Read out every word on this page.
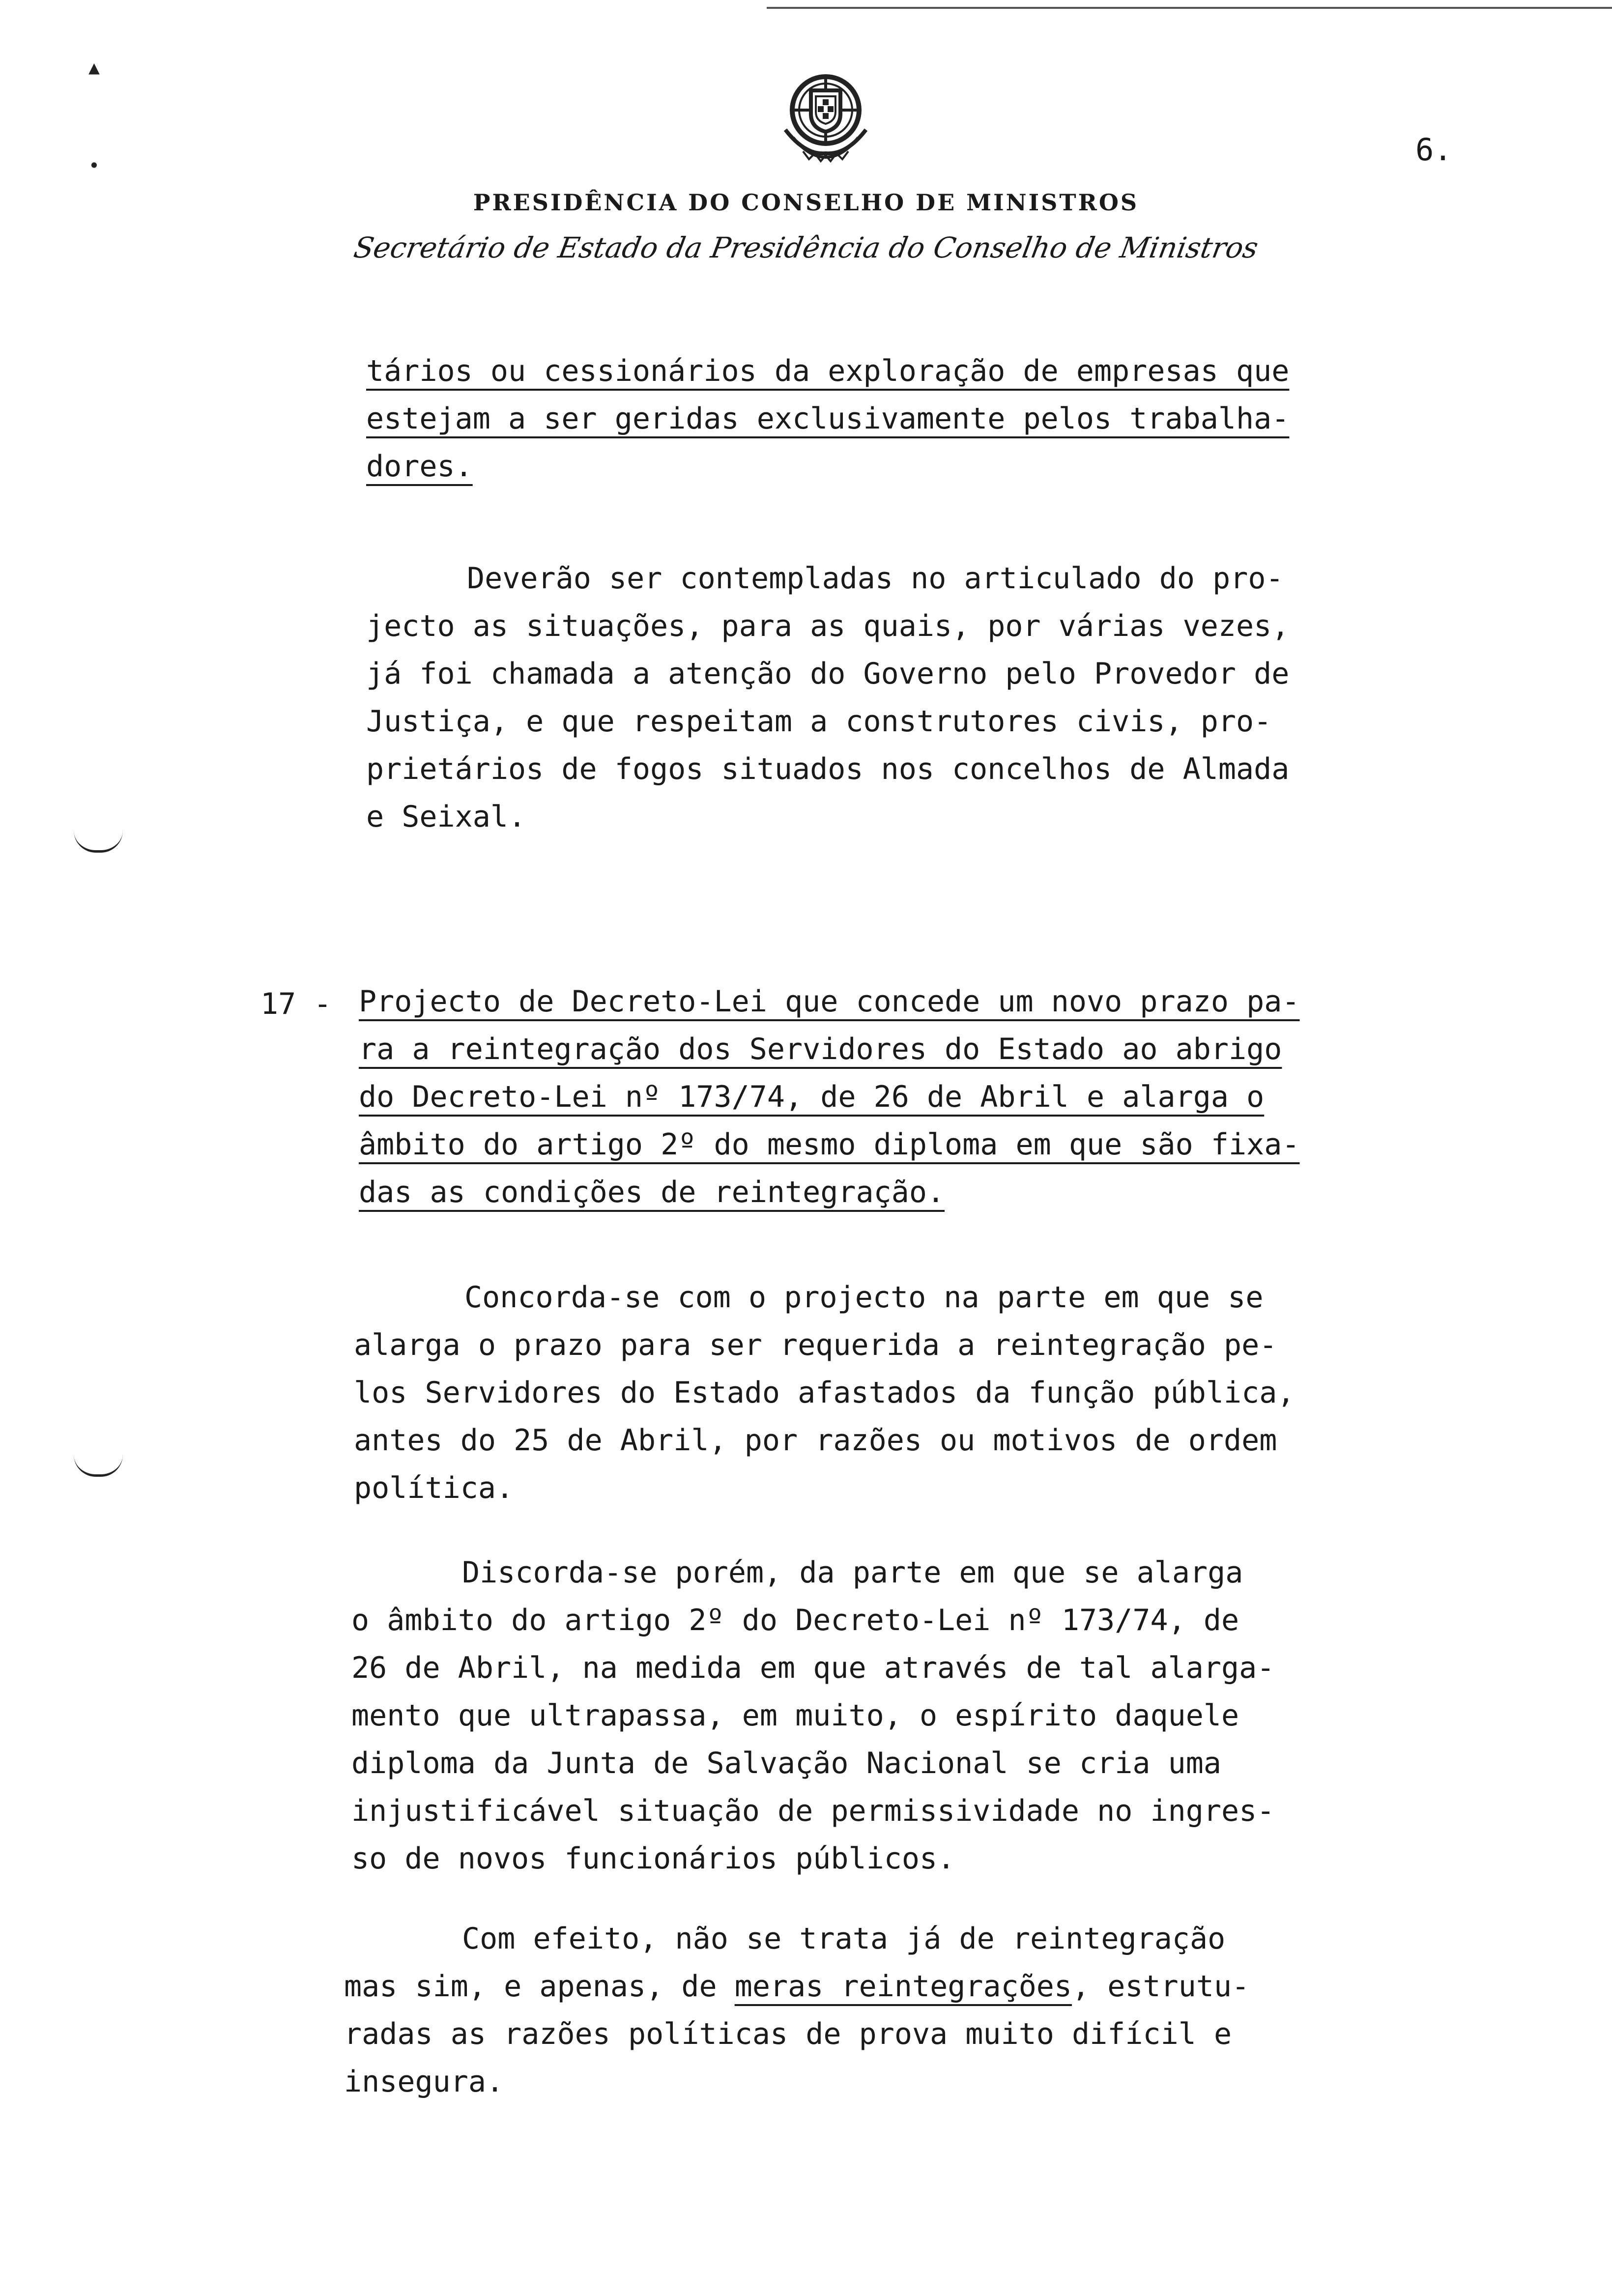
6.
PRESIDÊNCIA DO CONSELHO DE MINISTROS
Secretário de Estado da Presidência do Conselho de Ministros
▲
•
tários ou cessionários da exploração de empresas que
estejam a ser geridas exclusivamente pelos trabalha-
dores.
Deverão ser contempladas no articulado do pro-
jecto as situações, para as quais, por várias vezes,
já foi chamada a atenção do Governo pelo Provedor de
Justiça, e que respeitam a construtores civis, pro-
prietários de fogos situados nos concelhos de Almada
e Seixal.
17 - Projecto de Decreto-Lei que concede um novo prazo pa-
ra a reintegração dos Servidores do Estado ao abrigo
do Decreto-Lei nº 173/74, de 26 de Abril e alarga o
âmbito do artigo 2º do mesmo diploma em que são fixa-
das as condições de reintegração.
Concorda-se com o projecto na parte em que se
alarga o prazo para ser requerida a reintegração pe-
los Servidores do Estado afastados da função pública,
antes do 25 de Abril, por razões ou motivos de ordem
política.
Discorda-se porém, da parte em que se alarga
o âmbito do artigo 2º do Decreto-Lei nº 173/74, de
26 de Abril, na medida em que através de tal alarga-
mento que ultrapassa, em muito, o espírito daquele
diploma da Junta de Salvação Nacional se cria uma
injustificável situação de permissividade no ingres-
so de novos funcionários públicos.
Com efeito, não se trata já de reintegração
mas sim, e apenas, de meras reintegrações, estrutu-
radas as razões políticas de prova muito difícil e
insegura.
